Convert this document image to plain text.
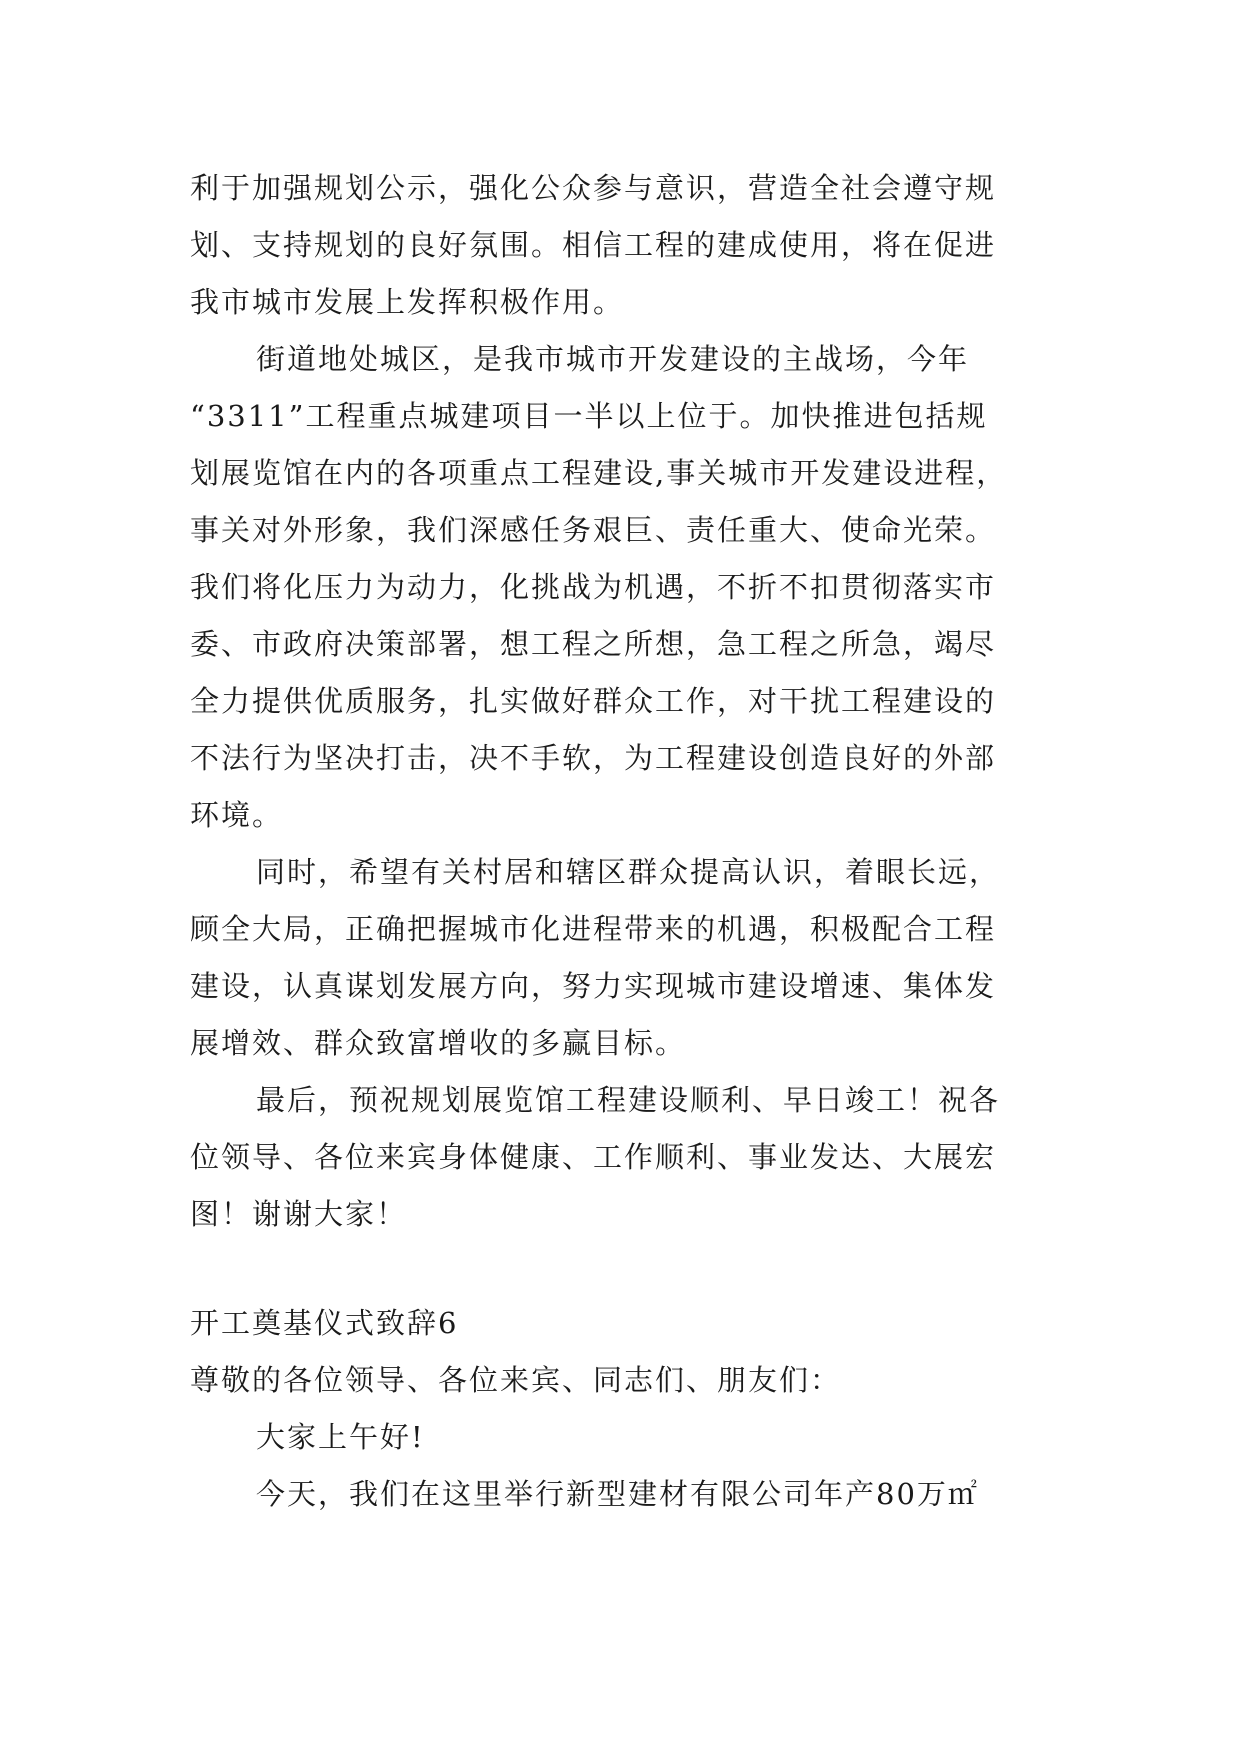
利于加强规划公示，强化公众参与意识，营造全社会遵守规
划、支持规划的良好氛围。相信工程的建成使用，将在促进
我市城市发展上发挥积极作用。
街道地处城区，是我市城市开发建设的主战场，今年
“3311”工程重点城建项目一半以上位于。加快推进包括规
划展览馆在内的各项重点工程建设,事关城市开发建设进程，
事关对外形象，我们深感任务艰巨、责任重大、使命光荣。
我们将化压力为动力，化挑战为机遇，不折不扣贯彻落实市
委、市政府决策部署，想工程之所想，急工程之所急，竭尽
全力提供优质服务，扎实做好群众工作，对干扰工程建设的
不法行为坚决打击，决不手软，为工程建设创造良好的外部
环境。
同时，希望有关村居和辖区群众提高认识，着眼长远，
顾全大局，正确把握城市化进程带来的机遇，积极配合工程
建设，认真谋划发展方向，努力实现城市建设增速、集体发
展增效、群众致富增收的多赢目标。
最后，预祝规划展览馆工程建设顺利、早日竣工！祝各
位领导、各位来宾身体健康、工作顺利、事业发达、大展宏
图！谢谢大家！
开工奠基仪式致辞6
尊敬的各位领导、各位来宾、同志们、朋友们：
大家上午好!
今天，我们在这里举行新型建材有限公司年产80万㎡
